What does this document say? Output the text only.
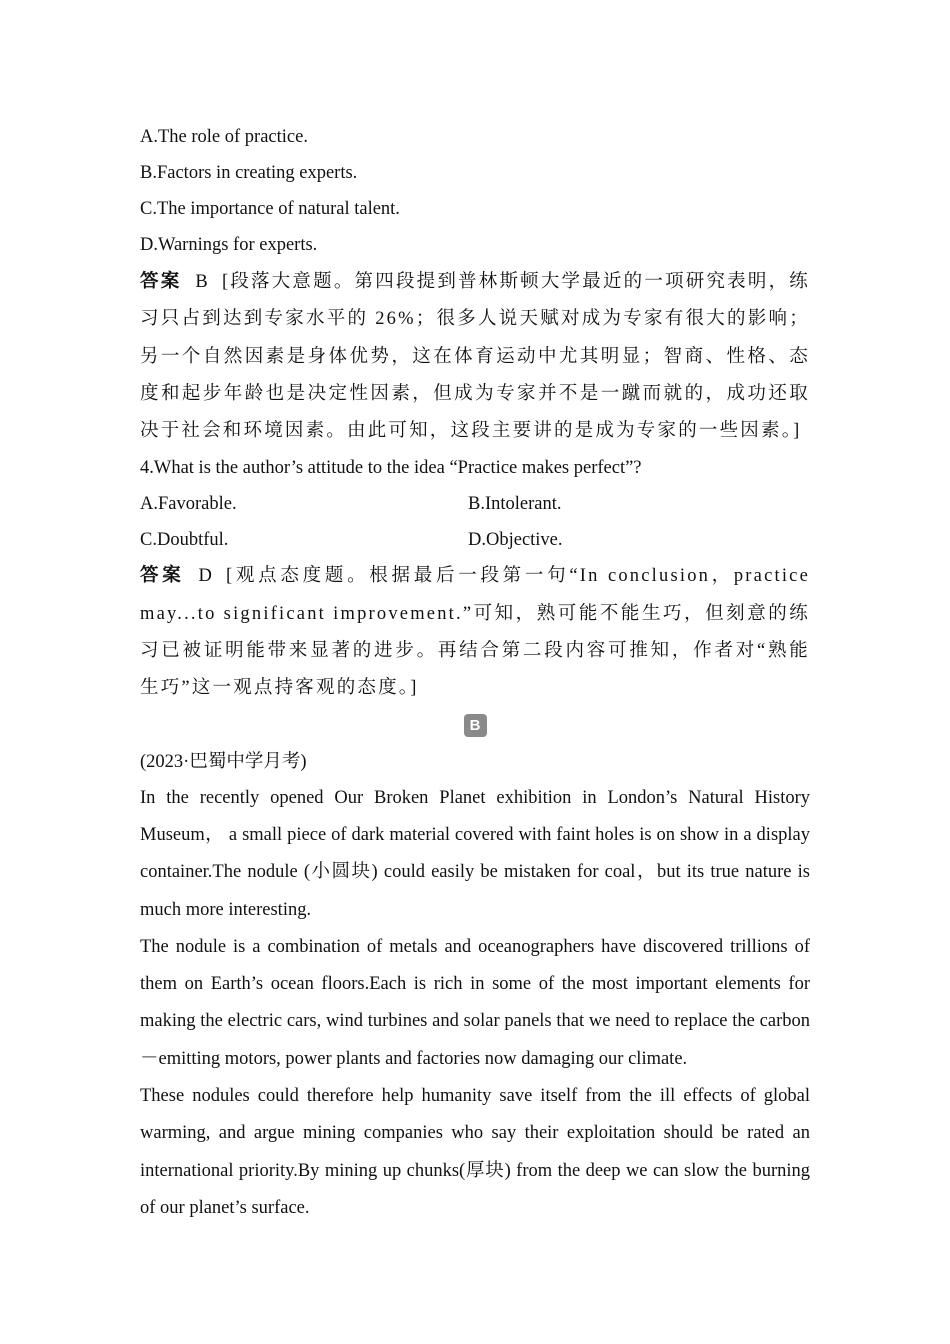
A.The role of practice.
B.Factors in creating experts.
C.The importance of natural talent.
D.Warnings for experts.
答案 B [段落大意题。第四段提到普林斯顿大学最近的一项研究表明，练习只占到达到专家水平的 26%；很多人说天赋对成为专家有很大的影响；另一个自然因素是身体优势，这在体育运动中尤其明显；智商、性格、态度和起步年龄也是决定性因素，但成为专家并不是一蹴而就的，成功还取决于社会和环境因素。由此可知，这段主要讲的是成为专家的一些因素。]
4.What is the author’s attitude to the idea “Practice makes perfect”?
A.Favorable.	B.Intolerant.
C.Doubtful.	D.Objective.
答案 D [观点态度题。根据最后一段第一句“In conclusion，practice may...to significant improvement.”可知，熟可能不能生巧，但刻意的练习已被证明能带来显著的进步。再结合第二段内容可推知，作者对“熟能生巧”这一观点持客观的态度。]
B
(2023·巴蜀中学月考)
In the recently opened Our Broken Planet exhibition in London’s Natural History Museum， a small piece of dark material covered with faint holes is on show in a display container.The nodule (小圆块) could easily be mistaken for coal，but its true nature is much more interesting.
The nodule is a combination of metals and oceanographers have discovered trillions of them on Earth’s ocean floors.Each is rich in some of the most important elements for making the electric cars, wind turbines and solar panels that we need to replace the carbon－emitting motors, power plants and factories now damaging our climate.
These nodules could therefore help humanity save itself from the ill effects of global warming, and argue mining companies who say their exploitation should be rated an international priority.By mining up chunks(厚块) from the deep we can slow the burning of our planet’s surface.
